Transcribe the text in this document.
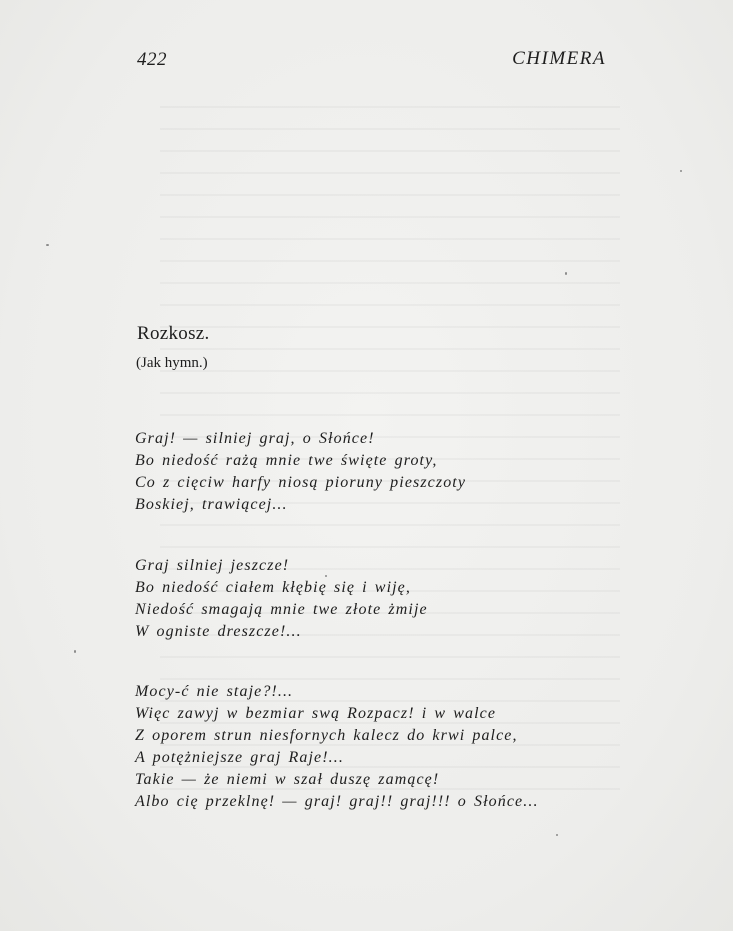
422	CHIMERA
Rozkosz.
(Jak hymn.)
Graj! — silniej graj, o Słońce!
Bo niedość rażą mnie twe święte groty,
Co z cięciw harfy niosą pioruny pieszczoty
Boskiej, trawiącej...
Graj silniej jeszcze!
Bo niedość ciałem kłębię się i wiję,
Niedość smagają mnie twe złote żmije
W ogniste dreszcze!...
Mocy-ć nie staje?!...
Więc zawyj w bezmiar swą Rozpacz! i w walce
Z oporem strun niesfornych kalecz do krwi palce,
A potężniejsze graj Raje!...
Takie — że niemi w szał duszę zamącę!
Albo cię przeklnę! — graj! graj!! graj!!! o Słońce...
